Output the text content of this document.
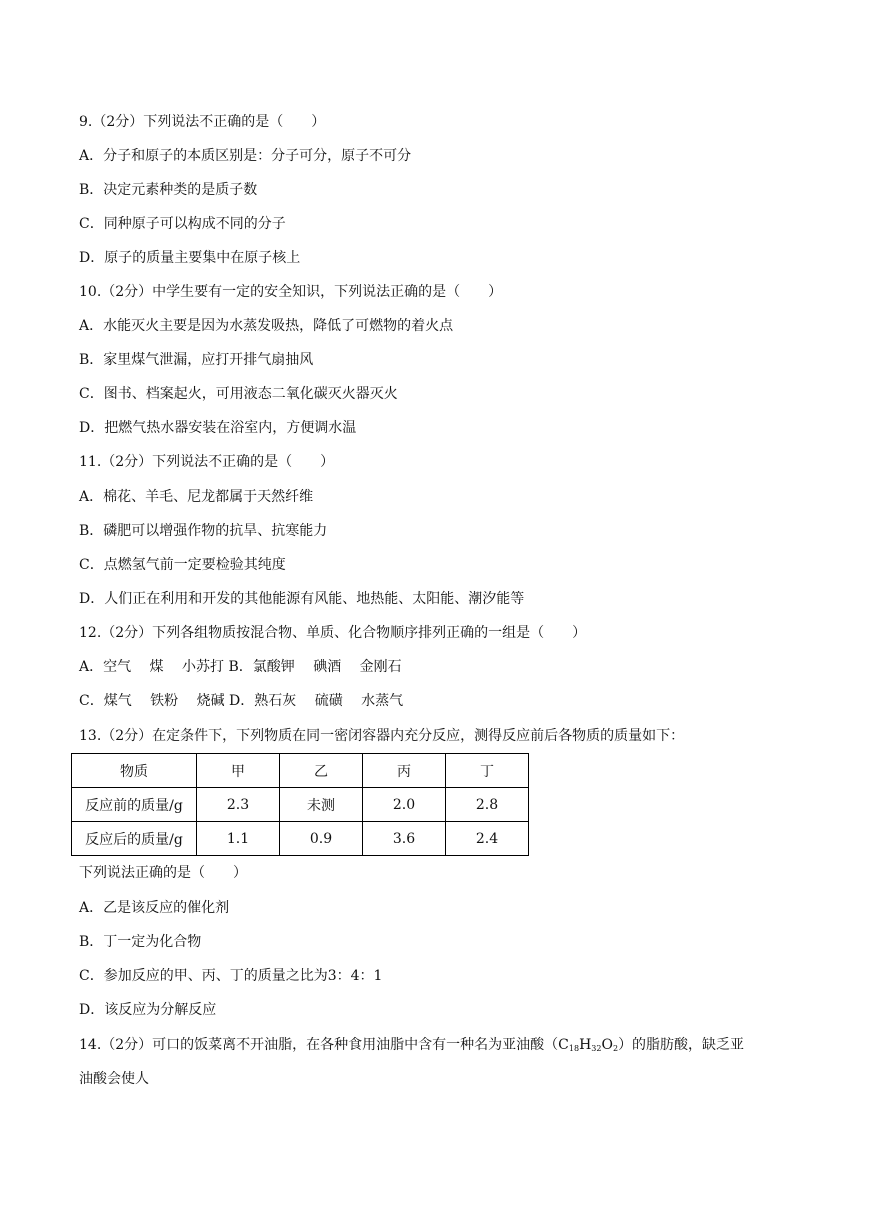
9.（2分）下列说法不正确的是（　　）
A．分子和原子的本质区别是：分子可分，原子不可分
B．决定元素种类的是质子数
C．同种原子可以构成不同的分子
D．原子的质量主要集中在原子核上
10.（2分）中学生要有一定的安全知识，下列说法正确的是（　　）
A．水能灭火主要是因为水蒸发吸热，降低了可燃物的着火点
B．家里煤气泄漏，应打开排气扇抽风
C．图书、档案起火，可用液态二氧化碳灭火器灭火
D．把燃气热水器安装在浴室内，方便调水温
11.（2分）下列说法不正确的是（　　）
A．棉花、羊毛、尼龙都属于天然纤维
B．磷肥可以增强作物的抗旱、抗寒能力
C．点燃氢气前一定要检验其纯度
D．人们正在利用和开发的其他能源有风能、地热能、太阳能、潮汐能等
12.（2分）下列各组物质按混合物、单质、化合物顺序排列正确的一组是（　　）
A．空气　 煤　 小苏打 B．氯酸钾　 碘酒　 金刚石
C．煤气　 铁粉　 烧碱 D．熟石灰　 硫磺　 水蒸气
13.（2分）在定条件下，下列物质在同一密闭容器内充分反应，测得反应前后各物质的质量如下：
物质	甲	乙	丙	丁
反应前的质量/g	2.3	未测	2.0	2.8
反应后的质量/g	1.1	0.9	3.6	2.4
下列说法正确的是（　　）
A．乙是该反应的催化剂
B．丁一定为化合物
C．参加反应的甲、丙、丁的质量之比为3：4：1
D．该反应为分解反应
14.（2分）可口的饭菜离不开油脂，在各种食用油脂中含有一种名为亚油酸$(C_{18}H_{32}O_2)$的脂肪酸，缺乏亚
油酸会使人
